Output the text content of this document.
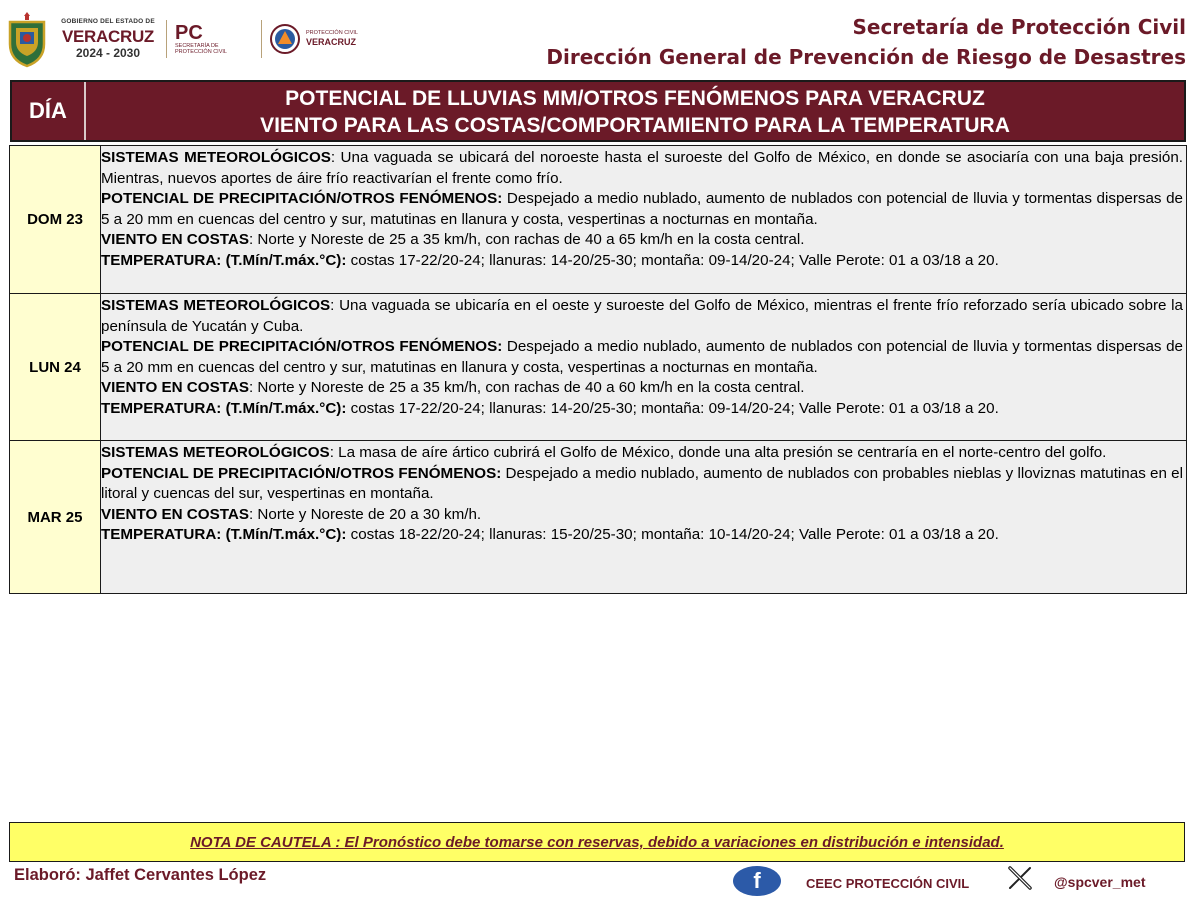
GOBIERNO DEL ESTADO DE
VERACRUZ
2024 - 2030
PC
SECRETARÍA DE PROTECCIÓN CIVIL
PROTECCIÓN CIVIL
VERACRUZ
Secretaría de Protección Civil
Dirección General de Prevención de Riesgo de Desastres
DÍA	POTENCIAL DE LLUVIAS MM/OTROS FENÓMENOS PARA VERACRUZ
VIENTO PARA LAS COSTAS/COMPORTAMIENTO PARA LA TEMPERATURA
DOM 23

SISTEMAS METEOROLÓGICOS: Una vaguada se ubicará del noroeste hasta el suroeste del Golfo de México, en donde se asociaría con una baja presión. Mientras, nuevos aportes de áire frío reactivarían el frente como frío.

POTENCIAL DE PRECIPITACIÓN/OTROS FENÓMENOS: Despejado a medio nublado, aumento de nublados con potencial de lluvia y tormentas dispersas de 5 a 20 mm en cuencas del centro y sur, matutinas en llanura y costa, vespertinas a nocturnas en montaña.

VIENTO EN COSTAS: Norte y Noreste de 25 a 35 km/h, con rachas de 40 a 65 km/h en la costa central.

TEMPERATURA: (T.Mín/T.máx.°C): costas 17-22/20-24; llanuras: 14-20/25-30; montaña: 09-14/20-24; Valle Perote: 01 a 03/18 a 20.

LUN 24

SISTEMAS METEOROLÓGICOS: Una vaguada se ubicaría en el oeste y suroeste del Golfo de México, mientras el frente frío reforzado sería ubicado sobre la península de Yucatán y Cuba.

POTENCIAL DE PRECIPITACIÓN/OTROS FENÓMENOS: Despejado a medio nublado, aumento de nublados con potencial de lluvia y tormentas dispersas de 5 a 20 mm en cuencas del centro y sur, matutinas en llanura y costa, vespertinas a nocturnas en montaña.

VIENTO EN COSTAS: Norte y Noreste de 25 a 35 km/h, con rachas de 40 a 60 km/h en la costa central.

TEMPERATURA: (T.Mín/T.máx.°C): costas 17-22/20-24; llanuras: 14-20/25-30; montaña: 09-14/20-24; Valle Perote: 01 a 03/18 a 20.

MAR 25

SISTEMAS METEOROLÓGICOS: La masa de aíre ártico cubrirá el Golfo de México, donde una alta presión se centraría en el norte-centro del golfo.

POTENCIAL DE PRECIPITACIÓN/OTROS FENÓMENOS: Despejado a medio nublado, aumento de nublados con probables nieblas y lloviznas matutinas en el litoral y cuencas del sur, vespertinas en montaña.

VIENTO EN COSTAS: Norte y Noreste de 20 a 30 km/h.

TEMPERATURA: (T.Mín/T.máx.°C): costas 18-22/20-24; llanuras: 15-20/25-30; montaña: 10-14/20-24; Valle Perote: 01 a 03/18 a 20.

NOTA DE CAUTELA : El Pronóstico debe tomarse con reservas, debido a variaciones en distribución e intensidad.
Elaboró: Jaffet Cervantes López	f	CEEC PROTECCIÓN CIVIL	@spcver_met
